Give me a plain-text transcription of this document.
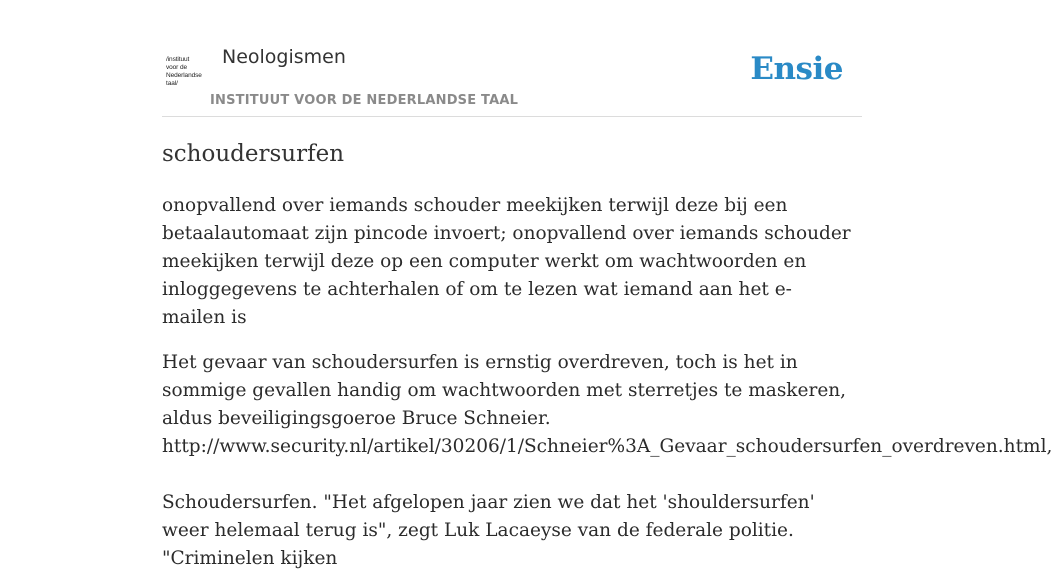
/instituut
voor de
Nederlandse
taal/
Neologismen
INSTITUUT VOOR DE NEDERLANDSE TAAL
Ensie
schoudersurfen

onopvallend over iemands schouder meekijken terwijl deze bij een betaalautomaat zijn pincode invoert; onopvallend over iemands schouder meekijken terwijl deze op een computer werkt om wachtwoorden en inloggegevens te achterhalen of om te lezen wat iemand aan het e-mailen is

Het gevaar van schoudersurfen is ernstig overdreven, toch is het in sommige gevallen handig om wachtwoorden met sterretjes te maskeren, aldus beveiligingsgoeroe Bruce Schneier.
http://www.security.nl/artikel/30206/1/Schneier%3A_Gevaar_schoudersurfen_overdreven.html,

Schoudersurfen. "Het afgelopen jaar zien we dat het 'shouldersurfen' weer helemaal terug is", zegt Luk Lacaeyse van de federale politie. "Criminelen kijken
